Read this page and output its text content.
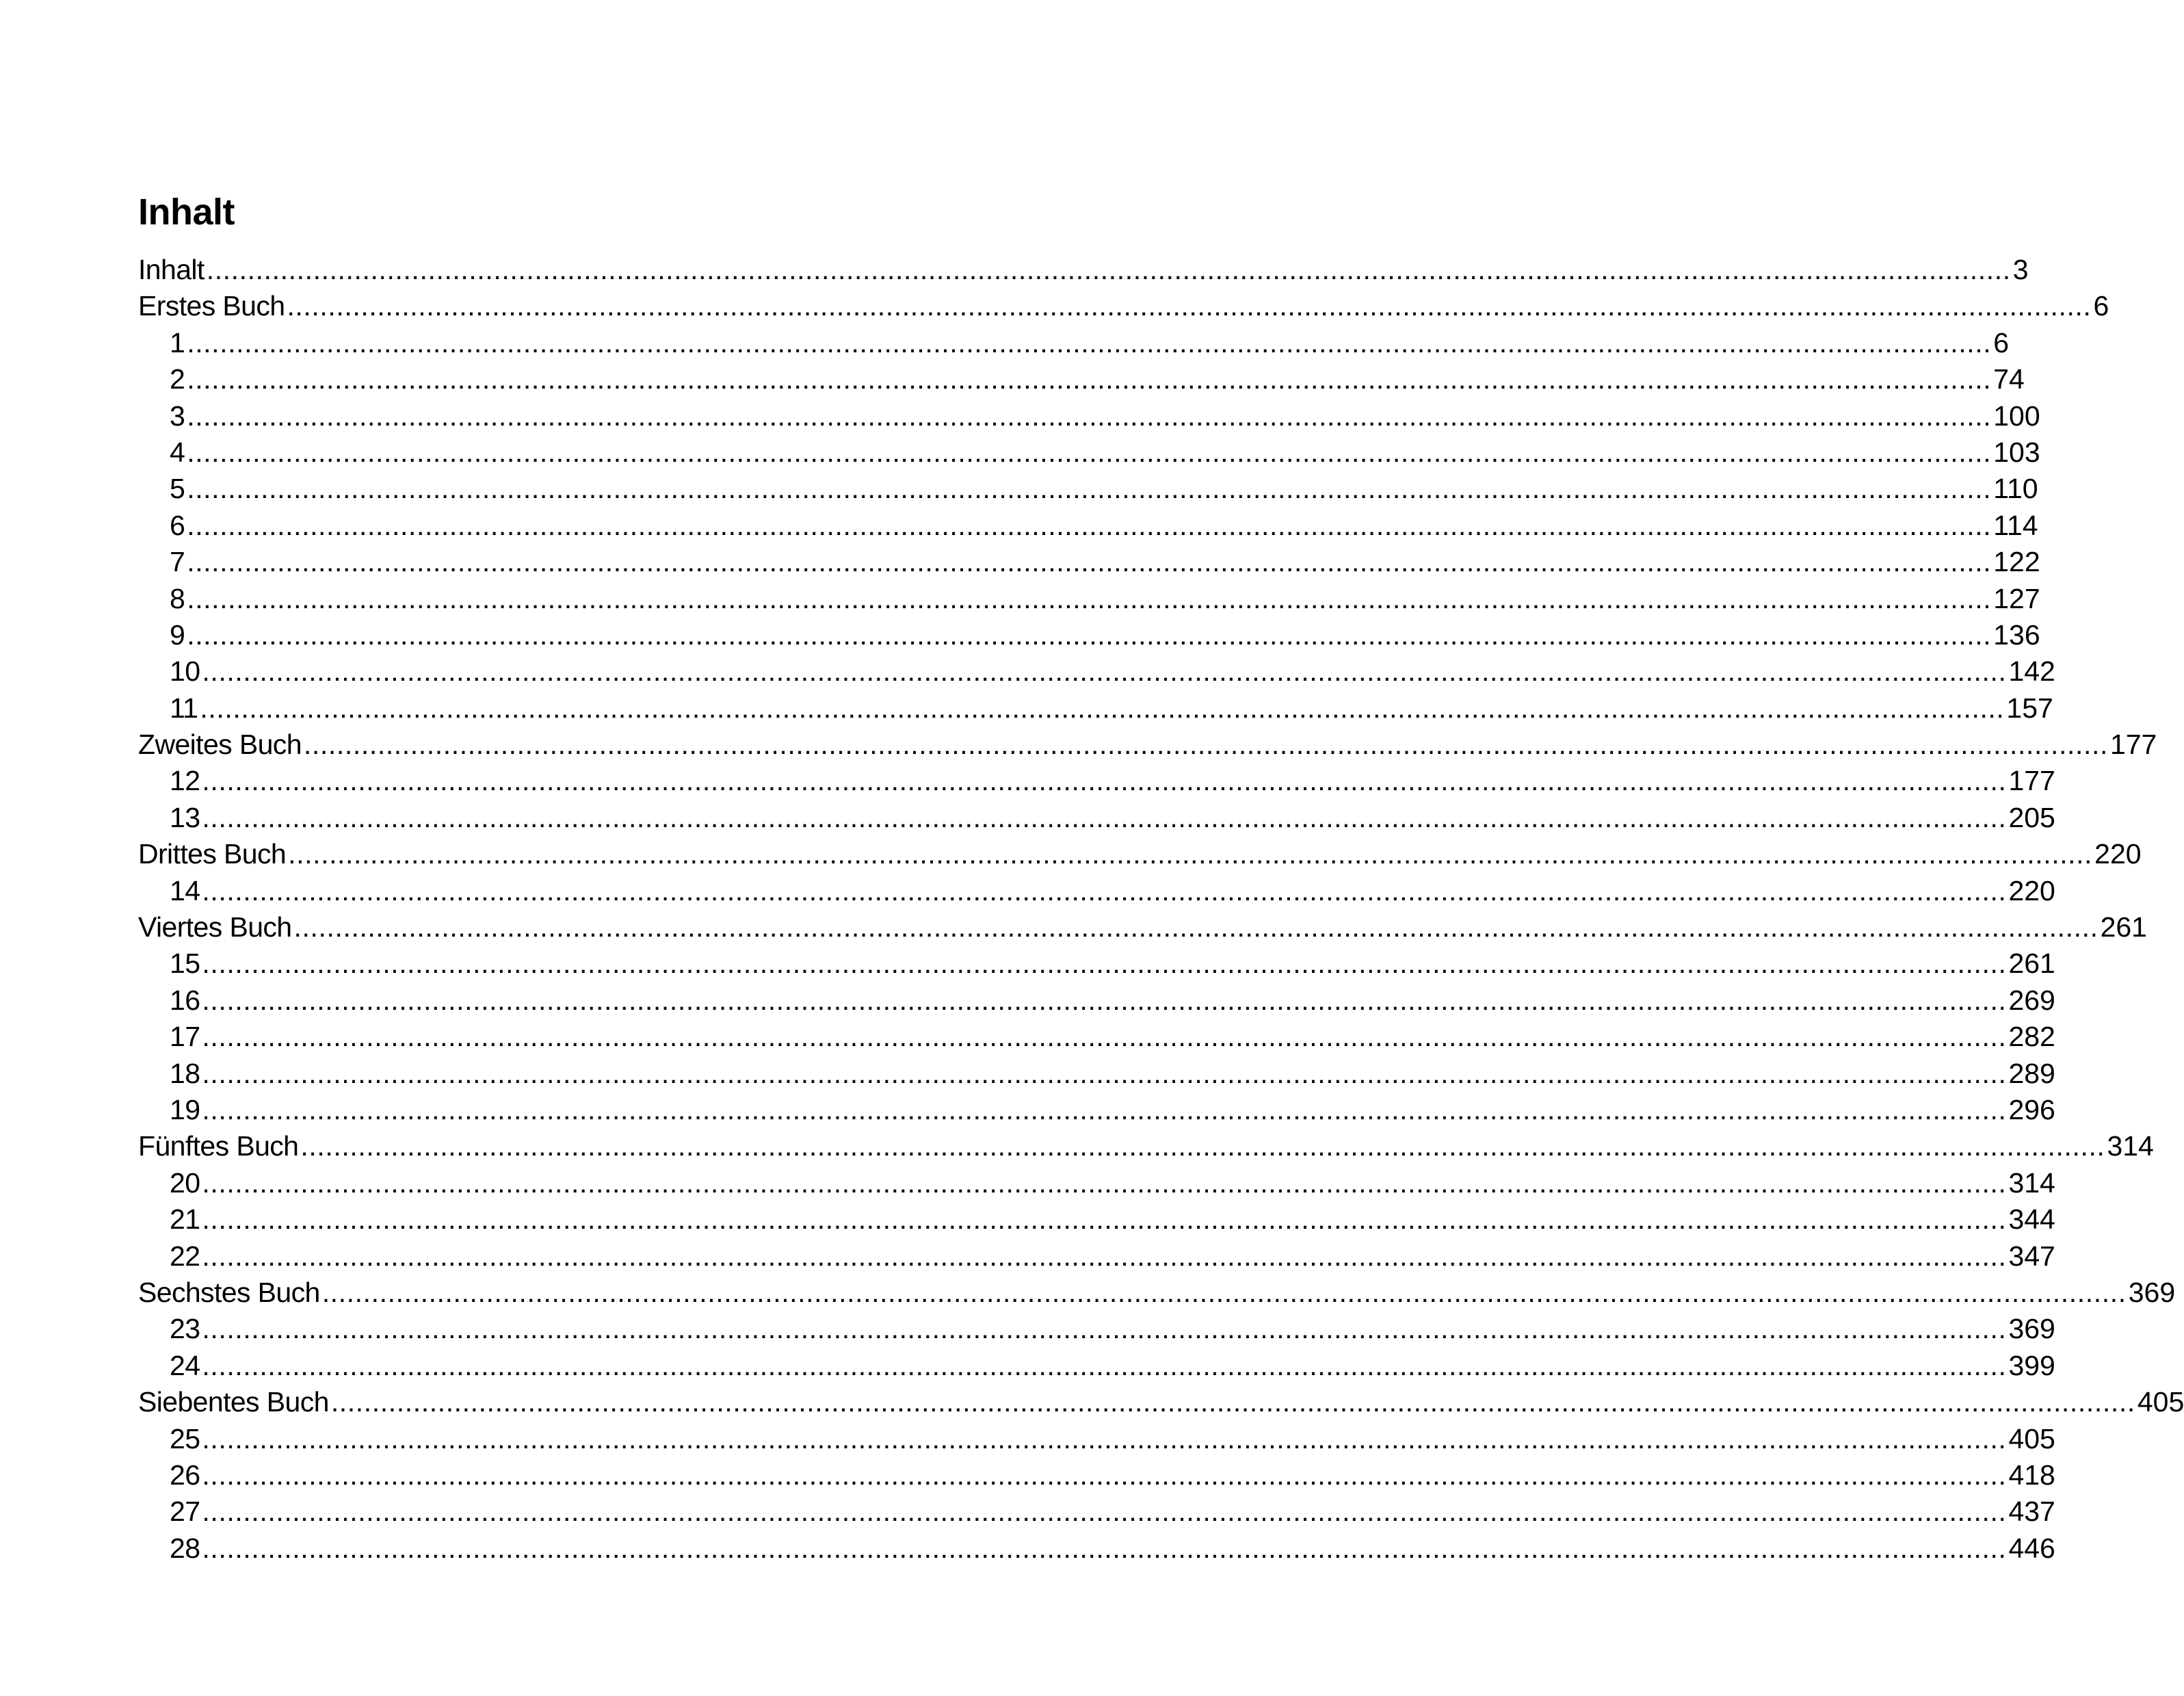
Inhalt
Inhalt ............................................................................................................................................................................................................................ 3
Erstes Buch ............................................................................................................................................................................................................................ 6
1 ............................................................................................................................................................................................................................ 6
2 ............................................................................................................................................................................................................................ 74
3 ............................................................................................................................................................................................................................ 100
4 ............................................................................................................................................................................................................................ 103
5 ............................................................................................................................................................................................................................ 110
6 ............................................................................................................................................................................................................................ 114
7 ............................................................................................................................................................................................................................ 122
8 ............................................................................................................................................................................................................................ 127
9 ............................................................................................................................................................................................................................ 136
10 ............................................................................................................................................................................................................................ 142
11 ............................................................................................................................................................................................................................ 157
Zweites Buch ............................................................................................................................................................................................................................ 177
12 ............................................................................................................................................................................................................................ 177
13 ............................................................................................................................................................................................................................ 205
Drittes Buch ............................................................................................................................................................................................................................ 220
14 ............................................................................................................................................................................................................................ 220
Viertes Buch ............................................................................................................................................................................................................................ 261
15 ............................................................................................................................................................................................................................ 261
16 ............................................................................................................................................................................................................................ 269
17 ............................................................................................................................................................................................................................ 282
18 ............................................................................................................................................................................................................................ 289
19 ............................................................................................................................................................................................................................ 296
Fünftes Buch ............................................................................................................................................................................................................................ 314
20 ............................................................................................................................................................................................................................ 314
21 ............................................................................................................................................................................................................................ 344
22 ............................................................................................................................................................................................................................ 347
Sechstes Buch ............................................................................................................................................................................................................................ 369
23 ............................................................................................................................................................................................................................ 369
24 ............................................................................................................................................................................................................................ 399
Siebentes Buch ............................................................................................................................................................................................................................ 405
25 ............................................................................................................................................................................................................................ 405
26 ............................................................................................................................................................................................................................ 418
27 ............................................................................................................................................................................................................................ 437
28 ............................................................................................................................................................................................................................ 446
